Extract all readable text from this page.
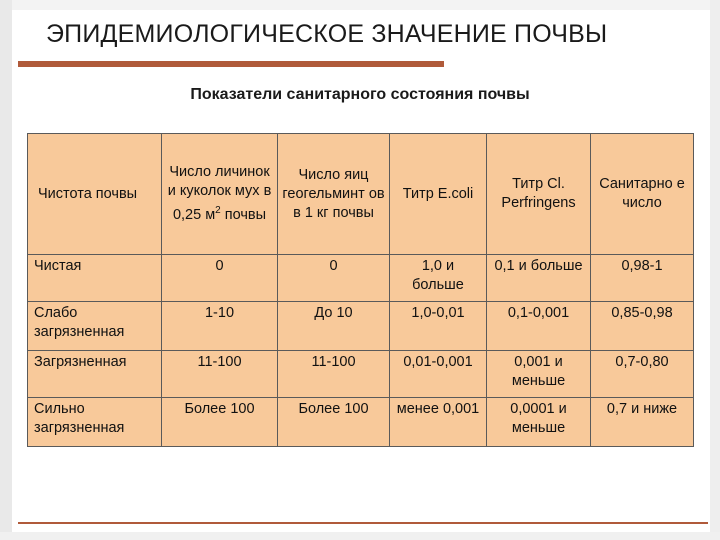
ЭПИДЕМИОЛОГИЧЕСКОЕ ЗНАЧЕНИЕ ПОЧВЫ
Показатели санитарного состояния почвы
Чистота почвы	Число личинок и куколок мух в 0,25 $м^2$ почвы	Число яиц геогельминт ов в 1 кг почвы	Титр E.coli	Титр Cl. Perfringens	Санитарно е число
Чистая	0	0	1,0 и больше	0,1 и больше	0,98-1
Слабо загрязненная	1-10	До 10	1,0-0,01	0,1-0,001	0,85-0,98
Загрязненная	11-100	11-100	0,01-0,001	0,001 и меньше	0,7-0,80
Сильно загрязненная	Более 100	Более 100	менее 0,001	0,0001 и меньше	0,7 и ниже
